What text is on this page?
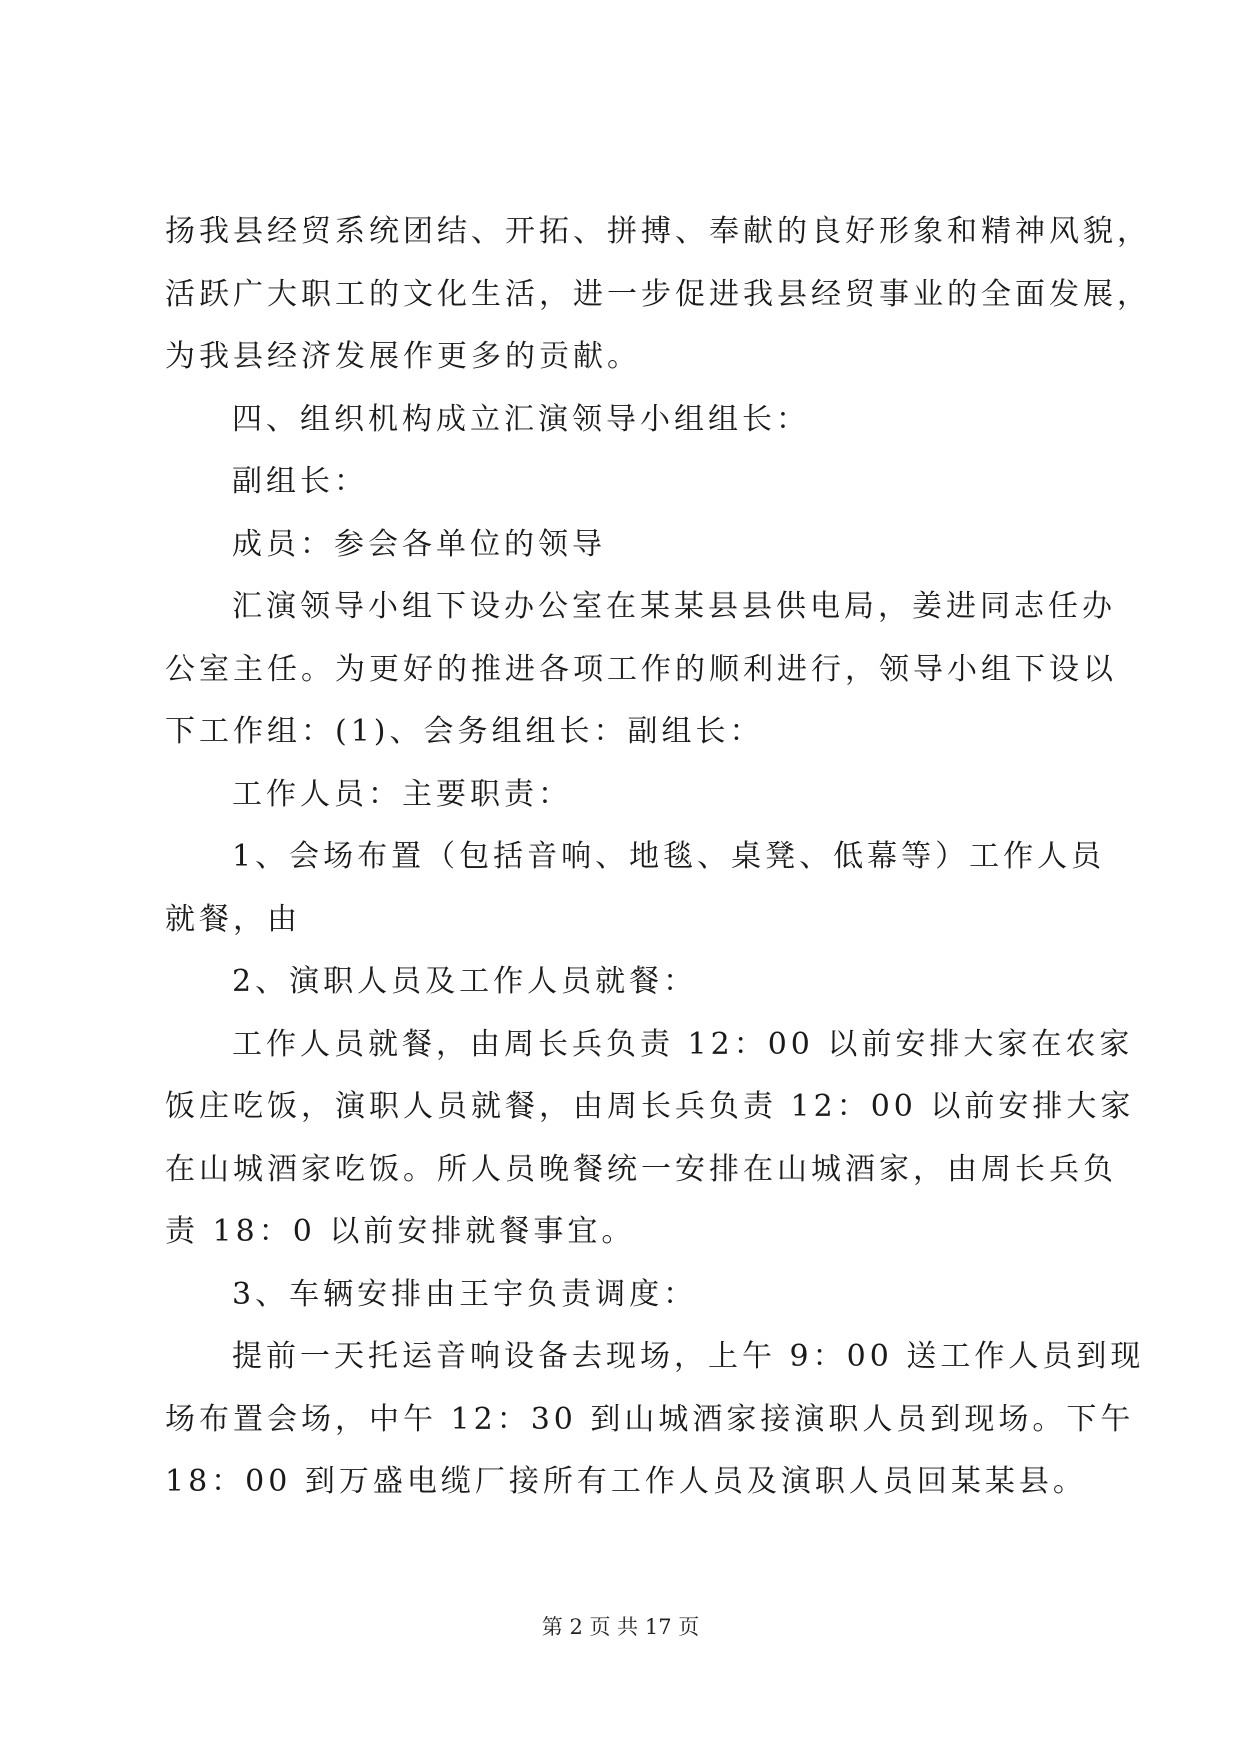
扬我县经贸系统团结、开拓、拼搏、奉献的良好形象和精神风貌，
活跃广大职工的文化生活，进一步促进我县经贸事业的全面发展，
为我县经济发展作更多的贡献。
四、组织机构成立汇演领导小组组长：
副组长：
成员：参会各单位的领导
汇演领导小组下设办公室在某某县县供电局，姜进同志任办
公室主任。为更好的推进各项工作的顺利进行，领导小组下设以
下工作组：(1)、会务组组长：副组长：
工作人员：主要职责：
1、会场布置（包括音响、地毯、桌凳、低幕等）工作人员
就餐，由
2、演职人员及工作人员就餐：
工作人员就餐，由周长兵负责 12：00 以前安排大家在农家
饭庄吃饭，演职人员就餐，由周长兵负责 12：00 以前安排大家
在山城酒家吃饭。所人员晚餐统一安排在山城酒家，由周长兵负
责 18：0 以前安排就餐事宜。
3、车辆安排由王宇负责调度：
提前一天托运音响设备去现场，上午 9：00 送工作人员到现
场布置会场，中午 12：30 到山城酒家接演职人员到现场。下午
18：00 到万盛电缆厂接所有工作人员及演职人员回某某县。
第 2 页 共 17 页
